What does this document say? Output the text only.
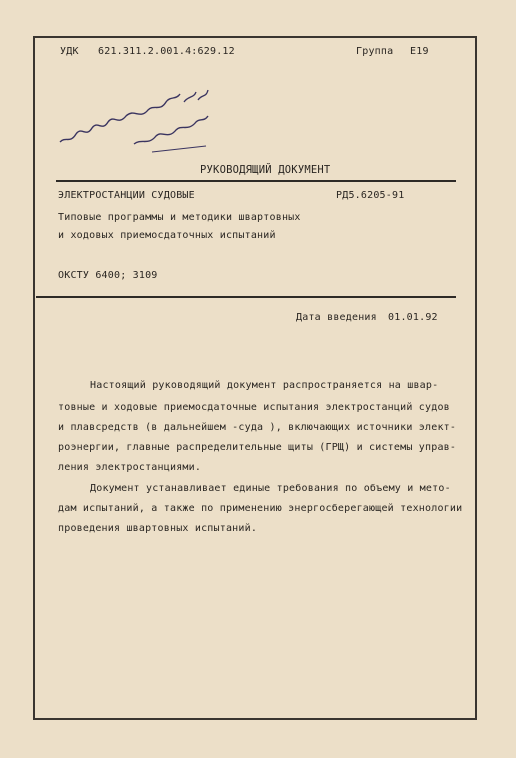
УДК 621.311.2.001.4:629.12	Группа Е19
РУКОВОДЯЩИЙ ДОКУМЕНТ
ЭЛЕКТРОСТАНЦИИ СУДОВЫЕ	РД5.6205-91
Типовые программы и методики швартовных
и ходовых приемосдаточных испытаний
ОКСТУ 6400; 3109
Дата введения 01.01.92
Настоящий руководящий документ распространяется на швар-
товные и ходовые приемосдаточные испытания электростанций судов
и плавсредств (в дальнейшем -суда ), включающих источники элект-
роэнергии, главные распределительные щиты (ГРЩ) и системы управ-
ления электростанциями.
Документ устанавливает единые требования по объему и мето-
дам испытаний, а также по применению энергосберегающей технологии
проведения швартовных испытаний.
